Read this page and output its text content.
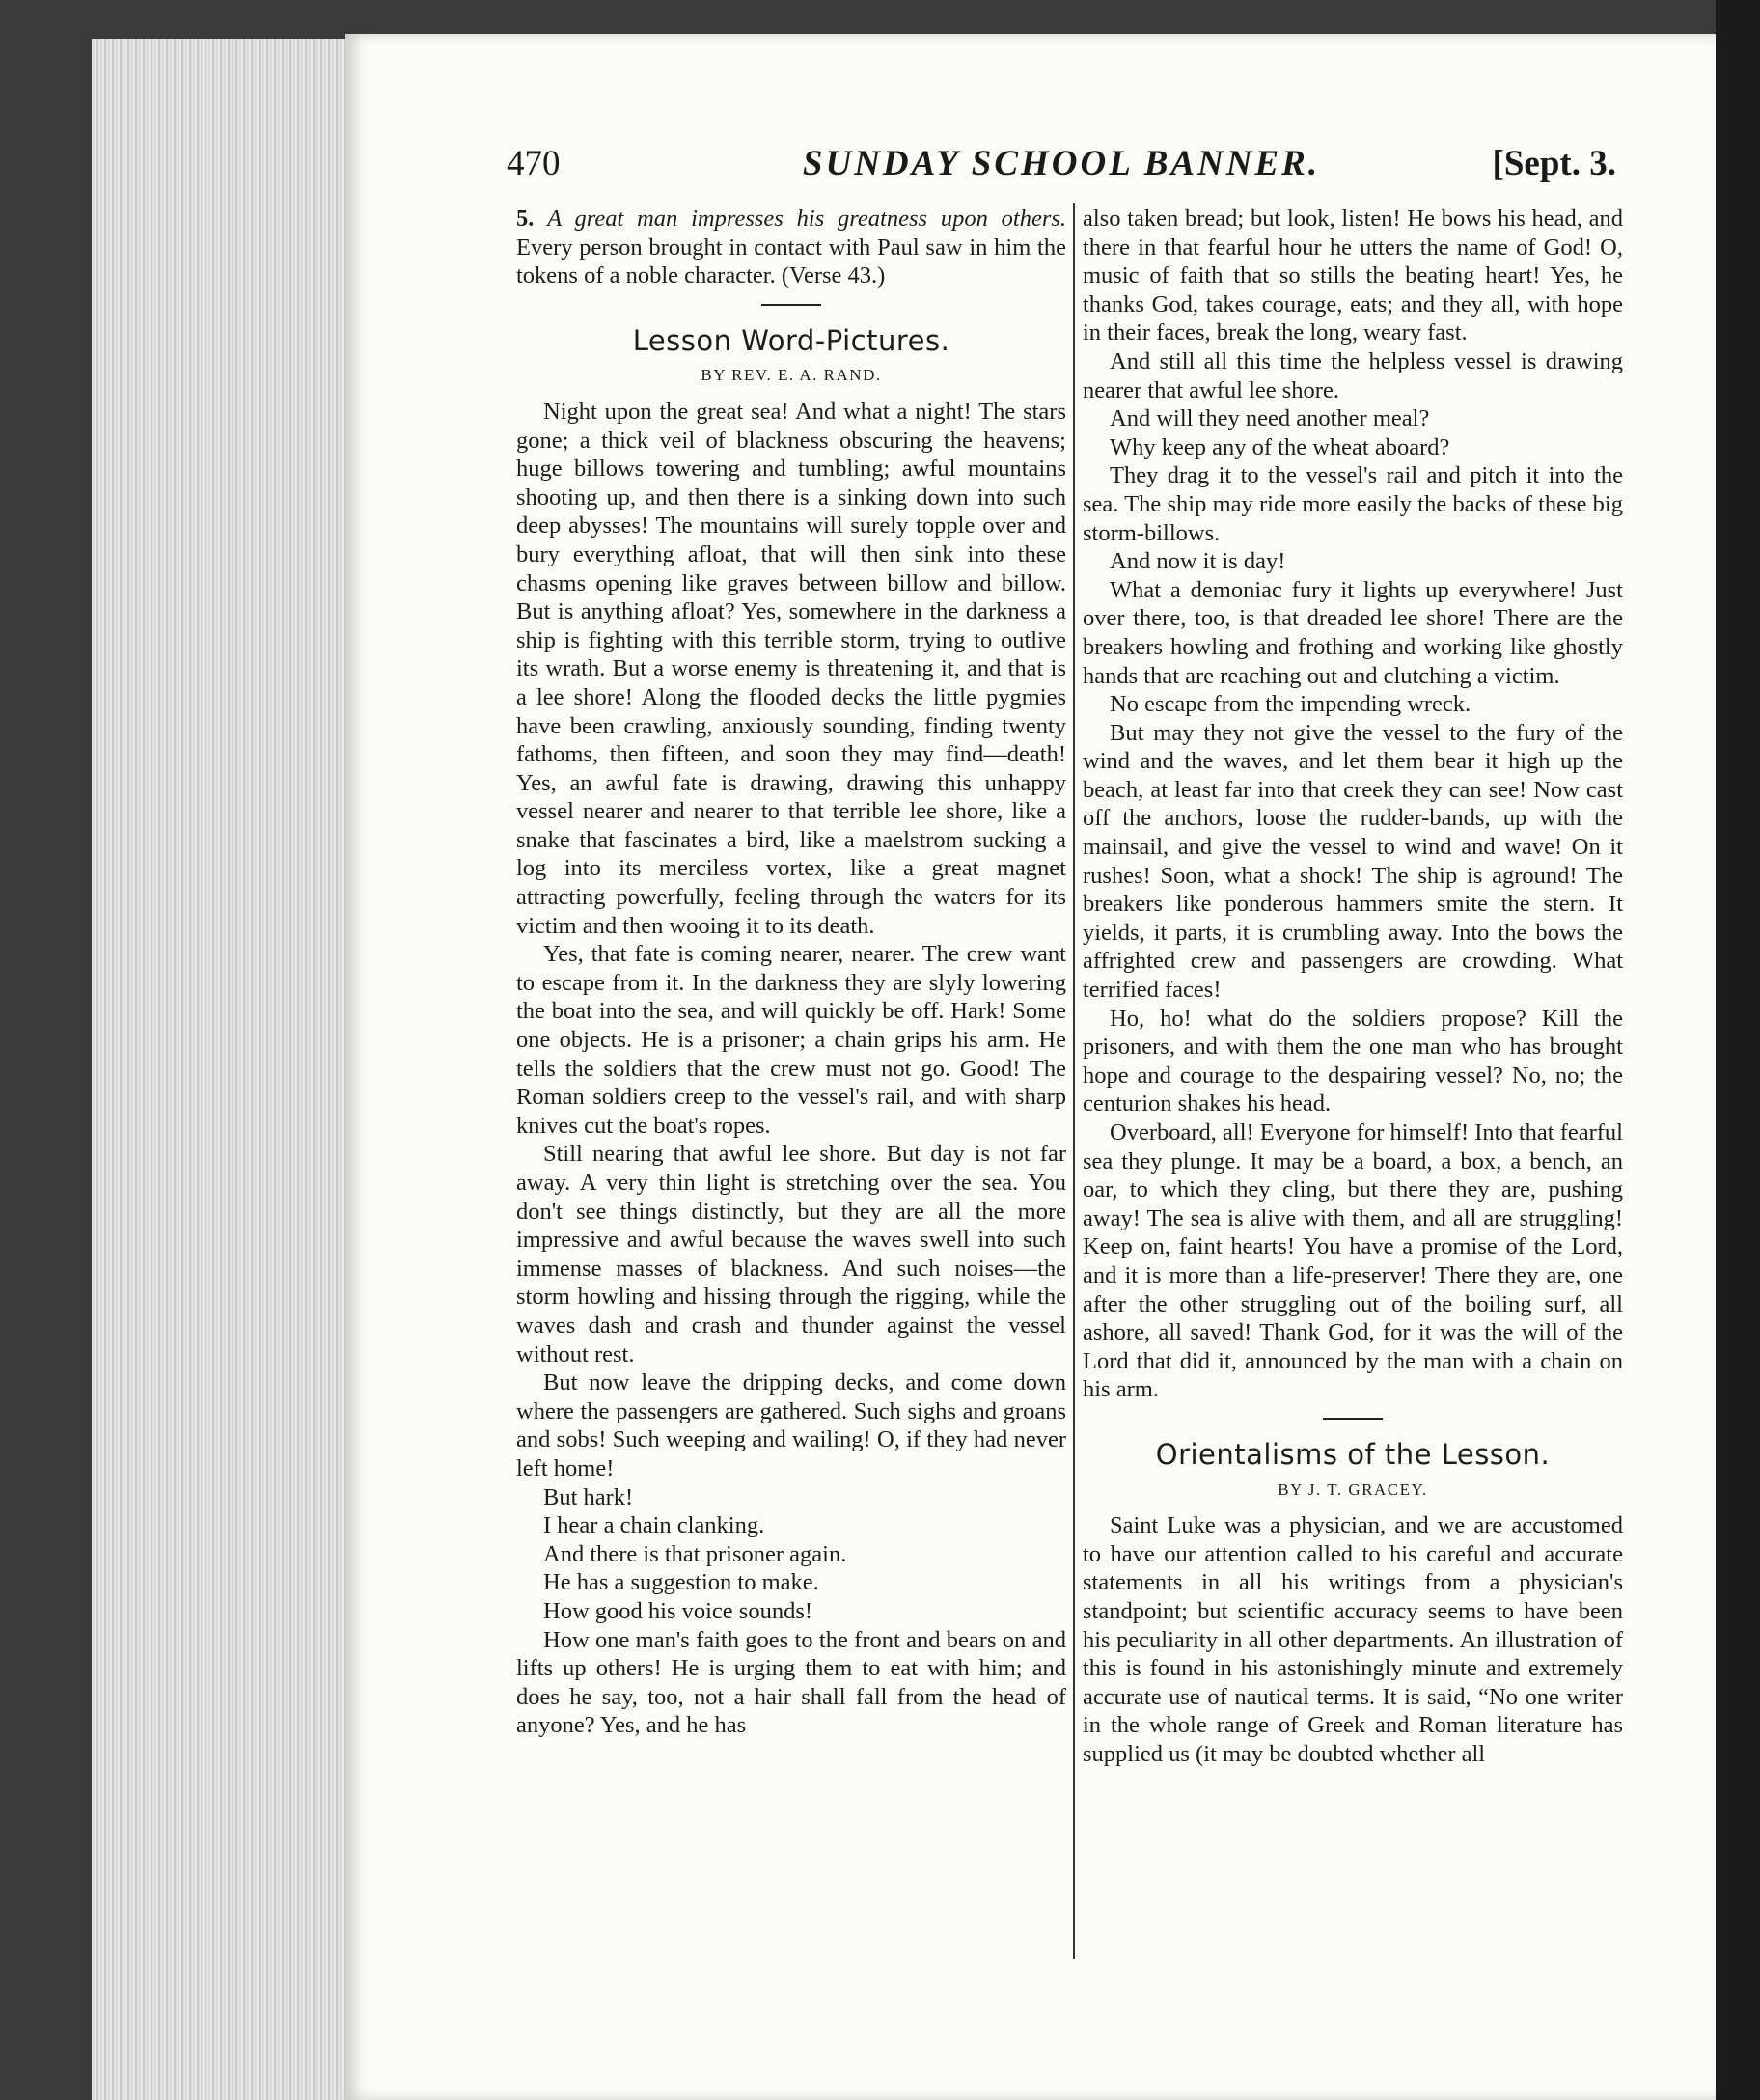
SUNDAY SCHOOL BANNER.
470	[Sept. 3.

5. A great man impresses his greatness upon others. Every person brought in contact with Paul saw in him the tokens of a noble character. (Verse 43.)

Lesson Word-Pictures.
BY REV. E. A. RAND.

Night upon the great sea! And what a night! The stars gone; a thick veil of blackness obscuring the heavens; huge billows towering and tumbling; awful mountains shooting up, and then there is a sinking down into such deep abysses! The mountains will surely topple over and bury everything afloat, that will then sink into these chasms opening like graves between billow and billow. But is anything afloat? Yes, somewhere in the darkness a ship is fighting with this terrible storm, trying to outlive its wrath. But a worse enemy is threatening it, and that is a lee shore! Along the flooded decks the little pygmies have been crawling, anxiously sounding, finding twenty fathoms, then fifteen, and soon they may find—death! Yes, an awful fate is drawing, drawing this unhappy vessel nearer and nearer to that terrible lee shore, like a snake that fascinates a bird, like a maelstrom sucking a log into its merciless vortex, like a great magnet attracting powerfully, feeling through the waters for its victim and then wooing it to its death.

Yes, that fate is coming nearer, nearer. The crew want to escape from it. In the darkness they are slyly lowering the boat into the sea, and will quickly be off. Hark! Some one objects. He is a prisoner; a chain grips his arm. He tells the soldiers that the crew must not go. Good! The Roman soldiers creep to the vessel's rail, and with sharp knives cut the boat's ropes.

Still nearing that awful lee shore. But day is not far away. A very thin light is stretching over the sea. You don't see things distinctly, but they are all the more impressive and awful because the waves swell into such immense masses of blackness. And such noises—the storm howling and hissing through the rigging, while the waves dash and crash and thunder against the vessel without rest.

But now leave the dripping decks, and come down where the passengers are gathered. Such sighs and groans and sobs! Such weeping and wailing! O, if they had never left home!

But hark!

I hear a chain clanking.

And there is that prisoner again.

He has a suggestion to make.

How good his voice sounds!

How one man's faith goes to the front and bears on and lifts up others! He is urging them to eat with him; and does he say, too, not a hair shall fall from the head of anyone? Yes, and he has

also taken bread; but look, listen! He bows his head, and there in that fearful hour he utters the name of God! O, music of faith that so stills the beating heart! Yes, he thanks God, takes courage, eats; and they all, with hope in their faces, break the long, weary fast.

And still all this time the helpless vessel is drawing nearer that awful lee shore.

And will they need another meal?

Why keep any of the wheat aboard?

They drag it to the vessel's rail and pitch it into the sea. The ship may ride more easily the backs of these big storm-billows.

And now it is day!

What a demoniac fury it lights up everywhere! Just over there, too, is that dreaded lee shore! There are the breakers howling and frothing and working like ghostly hands that are reaching out and clutching a victim.

No escape from the impending wreck.

But may they not give the vessel to the fury of the wind and the waves, and let them bear it high up the beach, at least far into that creek they can see! Now cast off the anchors, loose the rudder-bands, up with the mainsail, and give the vessel to wind and wave! On it rushes! Soon, what a shock! The ship is aground! The breakers like ponderous hammers smite the stern. It yields, it parts, it is crumbling away. Into the bows the affrighted crew and passengers are crowding. What terrified faces!

Ho, ho! what do the soldiers propose? Kill the prisoners, and with them the one man who has brought hope and courage to the despairing vessel? No, no; the centurion shakes his head.

Overboard, all! Everyone for himself! Into that fearful sea they plunge. It may be a board, a box, a bench, an oar, to which they cling, but there they are, pushing away! The sea is alive with them, and all are struggling! Keep on, faint hearts! You have a promise of the Lord, and it is more than a life-preserver! There they are, one after the other struggling out of the boiling surf, all ashore, all saved! Thank God, for it was the will of the Lord that did it, announced by the man with a chain on his arm.

Orientalisms of the Lesson.
BY J. T. GRACEY.

Saint Luke was a physician, and we are accustomed to have our attention called to his careful and accurate statements in all his writings from a physician's standpoint; but scientific accuracy seems to have been his peculiarity in all other departments. An illustration of this is found in his astonishingly minute and extremely accurate use of nautical terms. It is said, “No one writer in the whole range of Greek and Roman literature has supplied us (it may be doubted whether all
